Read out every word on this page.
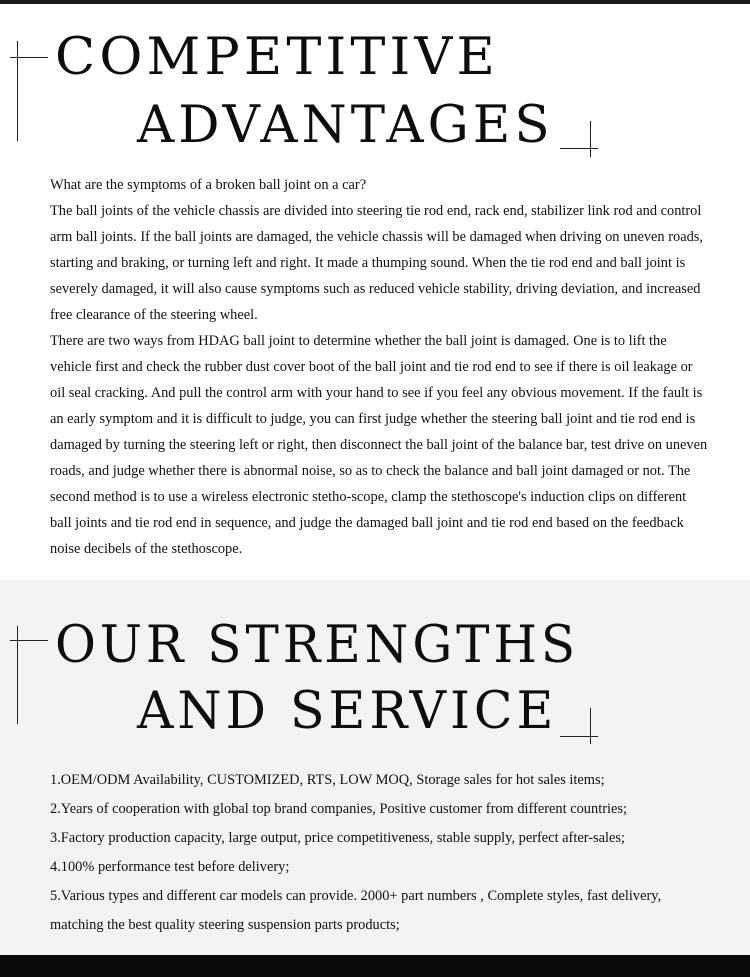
COMPETITIVE
ADVANTAGES

What are the symptoms of a broken ball joint on a car?

The ball joints of the vehicle chassis are divided into steering tie rod end, rack end, stabilizer link rod and control arm ball joints. If the ball joints are damaged, the vehicle chassis will be damaged when driving on uneven roads, starting and braking, or turning left and right. It made a thumping sound. When the tie rod end and ball joint is severely damaged, it will also cause symptoms such as reduced vehicle stability, driving deviation, and increased free clearance of the steering wheel.

There are two ways from HDAG ball joint to determine whether the ball joint is damaged. One is to lift the vehicle first and check the rubber dust cover boot of the ball joint and tie rod end to see if there is oil leakage or oil seal cracking. And pull the control arm with your hand to see if you feel any obvious movement. If the fault is an early symptom and it is difficult to judge, you can first judge whether the steering ball joint and tie rod end is damaged by turning the steering left or right, then disconnect the ball joint of the balance bar, test drive on uneven roads, and judge whether there is abnormal noise, so as to check the balance and ball joint damaged or not. The second method is to use a wireless electronic stetho-scope, clamp the stethoscope's induction clips on different ball joints and tie rod end in sequence, and judge the damaged ball joint and tie rod end based on the feedback noise decibels of the stethoscope.

OUR STRENGTHS
AND SERVICE
1.OEM/ODM Availability, CUSTOMIZED, RTS, LOW MOQ, Storage sales for hot sales items;
2.Years of cooperation with global top brand companies, Positive customer from different countries;
3.Factory production capacity, large output, price competitiveness, stable supply, perfect after-sales;
4.100% performance test before delivery;
5.Various types and different car models can provide. 2000+ part numbers , Complete styles, fast delivery, matching the best quality steering suspension parts products;
